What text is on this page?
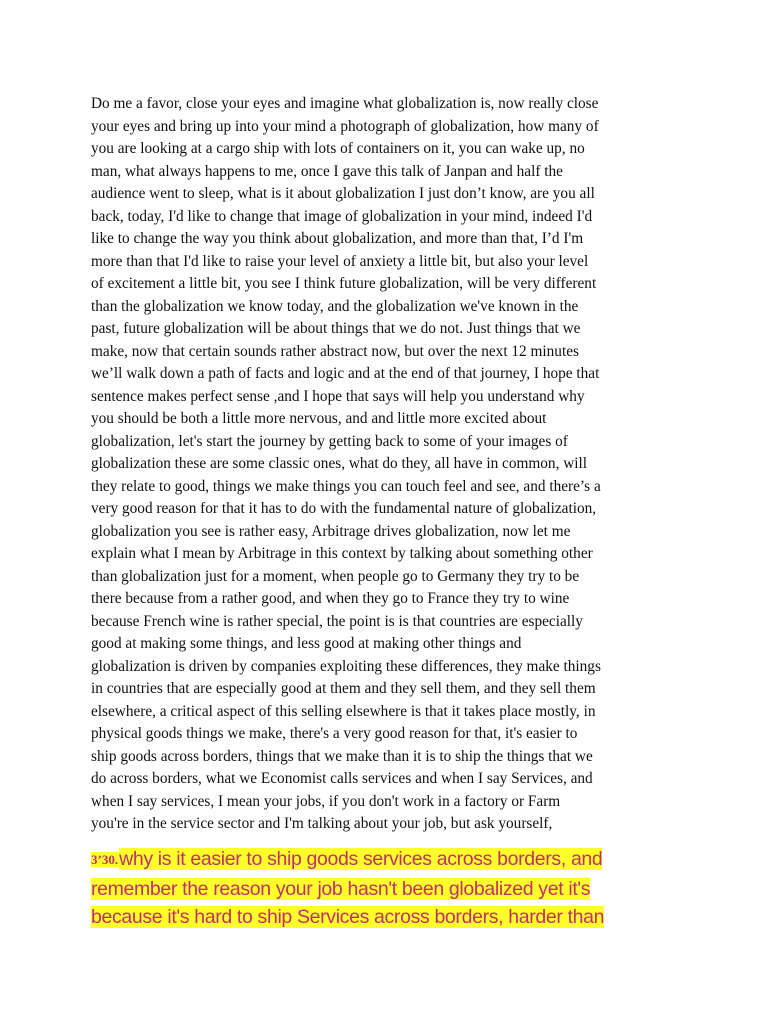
Do me a favor, close your eyes and imagine what globalization is, now really close
your eyes and bring up into your mind a photograph of globalization, how many of
you are looking at a cargo ship with lots of containers on it, you can wake up, no
man, what always happens to me, once I gave this talk of Janpan and half the
audience went to sleep, what is it about globalization I just don’t know, are you all
back, today, I'd like to change that image of globalization in your mind, indeed I'd
like to change the way you think about globalization, and more than that, I’d I'm
more than that I'd like to raise your level of anxiety a little bit, but also your level
of excitement a little bit, you see I think future globalization, will be very different
than the globalization we know today, and the globalization we've known in the
past, future globalization will be about things that we do not. Just things that we
make, now that certain sounds rather abstract now, but over the next 12 minutes
we’ll walk down a path of facts and logic and at the end of that journey, I hope that
sentence makes perfect sense ,and I hope that says will help you understand why
you should be both a little more nervous, and and little more excited about
globalization, let's start the journey by getting back to some of your images of
globalization these are some classic ones, what do they, all have in common, will
they relate to good, things we make things you can touch feel and see, and there’s a
very good reason for that it has to do with the fundamental nature of globalization,
globalization you see is rather easy, Arbitrage drives globalization, now let me
explain what I mean by Arbitrage in this context by talking about something other
than globalization just for a moment, when people go to Germany they try to be
there because from a rather good, and when they go to France they try to wine
because French wine is rather special, the point is is that countries are especially
good at making some things, and less good at making other things and
globalization is driven by companies exploiting these differences, they make things
in countries that are especially good at them and they sell them, and they sell them
elsewhere, a critical aspect of this selling elsewhere is that it takes place mostly, in
physical goods things we make, there's a very good reason for that, it's easier to
ship goods across borders, things that we make than it is to ship the things that we
do across borders, what we Economist calls services and when I say Services, and
when I say services, I mean your jobs, if you don't work in a factory or Farm
you're in the service sector and I'm talking about your job, but ask yourself,

3’30.why is it easier to ship goods services across borders, and
remember the reason your job hasn't been globalized yet it's
because it's hard to ship Services across borders, harder than
